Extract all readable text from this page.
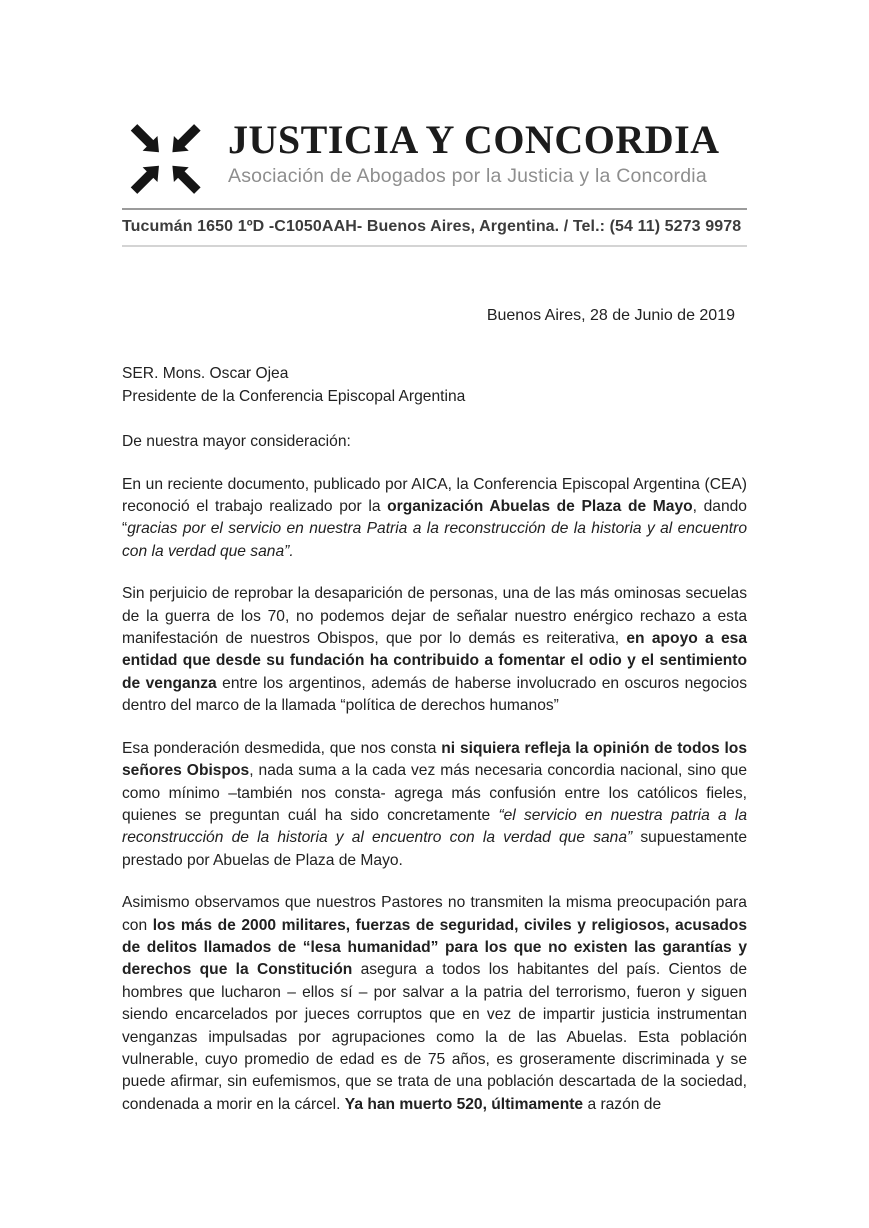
JUSTICIA Y CONCORDIA
Asociación de Abogados por la Justicia y la Concordia
Tucumán 1650 1ºD -C1050AAH- Buenos Aires, Argentina. / Tel.: (54 11) 5273 9978
Buenos Aires, 28 de Junio de 2019
SER. Mons. Oscar Ojea
Presidente de la Conferencia Episcopal Argentina
De nuestra mayor consideración:

En un reciente documento, publicado por AICA, la Conferencia Episcopal Argentina (CEA) reconoció el trabajo realizado por la organización Abuelas de Plaza de Mayo, dando “gracias por el servicio en nuestra Patria a la reconstrucción de la historia y al encuentro con la verdad que sana”.

Sin perjuicio de reprobar la desaparición de personas, una de las más ominosas secuelas de la guerra de los 70, no podemos dejar de señalar nuestro enérgico rechazo a esta manifestación de nuestros Obispos, que por lo demás es reiterativa, en apoyo a esa entidad que desde su fundación ha contribuido a fomentar el odio y el sentimiento de venganza entre los argentinos, además de haberse involucrado en oscuros negocios dentro del marco de la llamada “política de derechos humanos”

Esa ponderación desmedida, que nos consta ni siquiera refleja la opinión de todos los señores Obispos, nada suma a la cada vez más necesaria concordia nacional, sino que como mínimo –también nos consta- agrega más confusión entre los católicos fieles, quienes se preguntan cuál ha sido concretamente “el servicio en nuestra patria a la reconstrucción de la historia y al encuentro con la verdad que sana” supuestamente prestado por Abuelas de Plaza de Mayo.

Asimismo observamos que nuestros Pastores no transmiten la misma preocupación para con los más de 2000 militares, fuerzas de seguridad, civiles y religiosos, acusados de delitos llamados de “lesa humanidad” para los que no existen las garantías y derechos que la Constitución asegura a todos los habitantes del país. Cientos de hombres que lucharon – ellos sí – por salvar a la patria del terrorismo, fueron y siguen siendo encarcelados por jueces corruptos que en vez de impartir justicia instrumentan venganzas impulsadas por agrupaciones como la de las Abuelas. Esta población vulnerable, cuyo promedio de edad es de 75 años, es groseramente discriminada y se puede afirmar, sin eufemismos, que se trata de una población descartada de la sociedad, condenada a morir en la cárcel. Ya han muerto 520, últimamente a razón de
